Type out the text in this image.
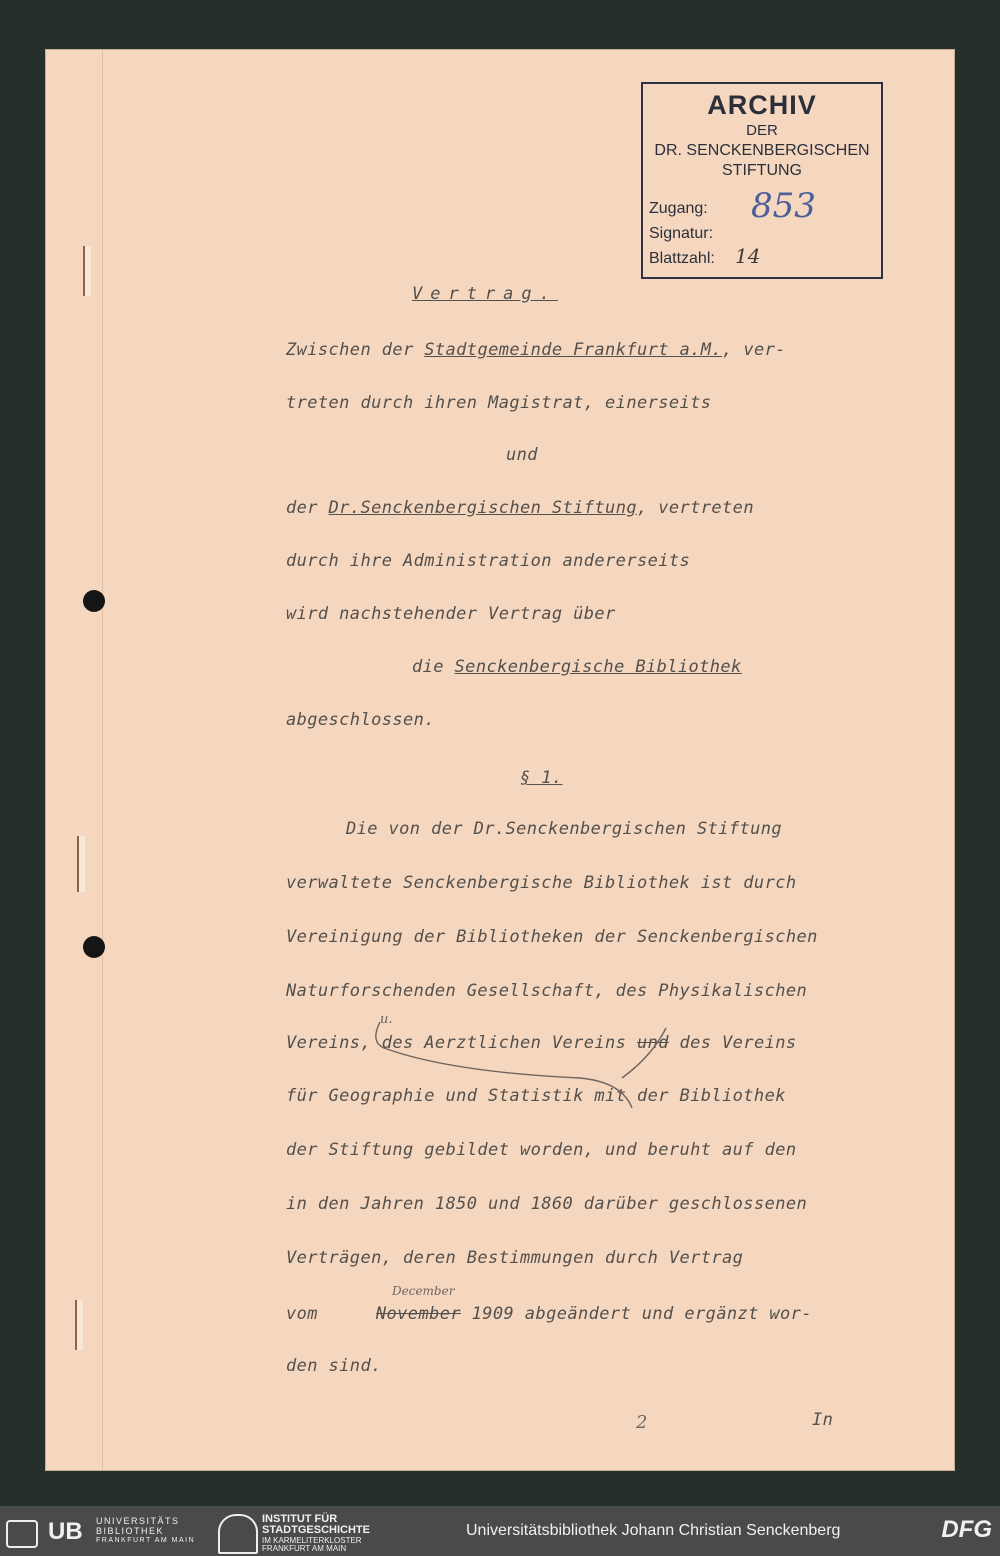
ARCHIV
DER
DR. SENCKENBERGISCHEN
STIFTUNG
Zugang: 853
Signatur:
Blattzahl: 14
Vertrag.
Zwischen der Stadtgemeinde Frankfurt a.M., ver-
treten durch ihren Magistrat, einerseits
und
der Dr.Senckenbergischen Stiftung, vertreten
durch ihre Administration andererseits
wird nachstehender Vertrag über
die Senckenbergische Bibliothek
abgeschlossen.
§ 1.
Die von der Dr.Senckenbergischen Stiftung
verwaltete Senckenbergische Bibliothek ist durch
Vereinigung der Bibliotheken der Senckenbergischen
Naturforschenden Gesellschaft, des Physikalischen
Vereins, des Aerztlichen Vereins und des Vereins
für Geographie und Statistik mit der Bibliothek
der Stiftung gebildet worden, und beruht auf den
in den Jahren 1850 und 1860 darüber geschlossenen
Verträgen, deren Bestimmungen durch Vertrag
vom	November 1909 abgeändert und ergänzt wor-
den sind.
In
u.
December
2
UB UNIVERSITÄTS
BIBLIOTHEK
FRANKFURT AM MAIN
INSTITUT FÜR
STADTGESCHICHTE
IM KARMELITERKLOSTER
FRANKFURT AM MAIN
Universitätsbibliothek Johann Christian Senckenberg	DFG
